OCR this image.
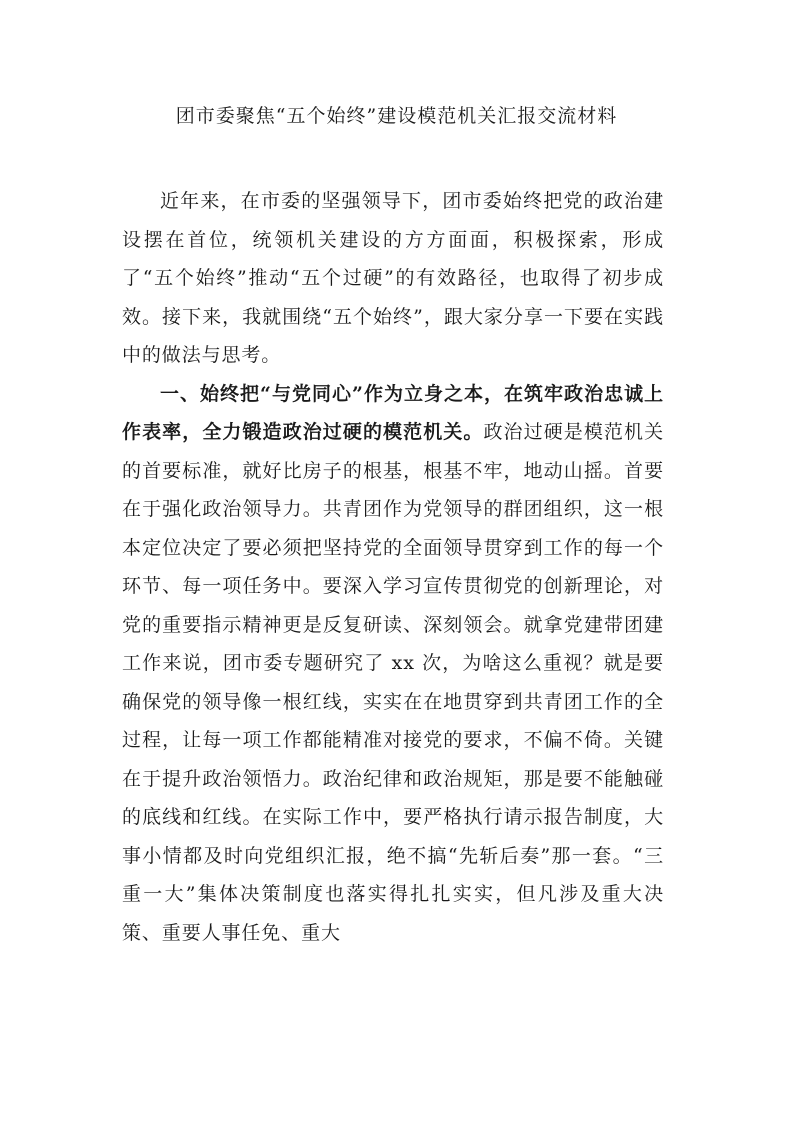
团市委聚焦“五个始终”建设模范机关汇报交流材料

近年来，在市委的坚强领导下，团市委始终把党的政治建设摆在首位，统领机关建设的方方面面，积极探索，形成了“五个始终”推动“五个过硬”的有效路径，也取得了初步成效。接下来，我就围绕“五个始终”，跟大家分享一下要在实践中的做法与思考。

一、始终把“与党同心”作为立身之本，在筑牢政治忠诚上作表率，全力锻造政治过硬的模范机关。政治过硬是模范机关的首要标准，就好比房子的根基，根基不牢，地动山摇。首要在于强化政治领导力。共青团作为党领导的群团组织，这一根本定位决定了要必须把坚持党的全面领导贯穿到工作的每一个环节、每一项任务中。要深入学习宣传贯彻党的创新理论，对党的重要指示精神更是反复研读、深刻领会。就拿党建带团建工作来说，团市委专题研究了 xx 次，为啥这么重视？就是要确保党的领导像一根红线，实实在在地贯穿到共青团工作的全过程，让每一项工作都能精准对接党的要求，不偏不倚。关键在于提升政治领悟力。政治纪律和政治规矩，那是要不能触碰的底线和红线。在实际工作中，要严格执行请示报告制度，大事小情都及时向党组织汇报，绝不搞“先斩后奏”那一套。“三重一大”集体决策制度也落实得扎扎实实，但凡涉及重大决策、重要人事任免、重大
